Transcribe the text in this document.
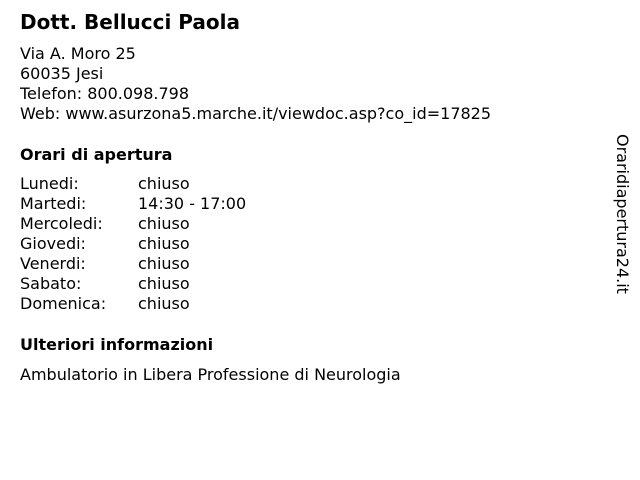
Dott. Bellucci Paola
Via A. Moro 25
60035 Jesi
Telefon: 800.098.798
Web: www.asurzona5.marche.it/viewdoc.asp?co_id=17825
Orari di apertura
Lunedi:	chiuso
Martedi:	14:30 - 17:00
Mercoledi: chiuso
Giovedi:	chiuso
Venerdi:	chiuso
Sabato:	chiuso
Domenica: chiuso
Ulteriori informazioni
Ambulatorio in Libera Professione di Neurologia
Oraridiapertura24.it
